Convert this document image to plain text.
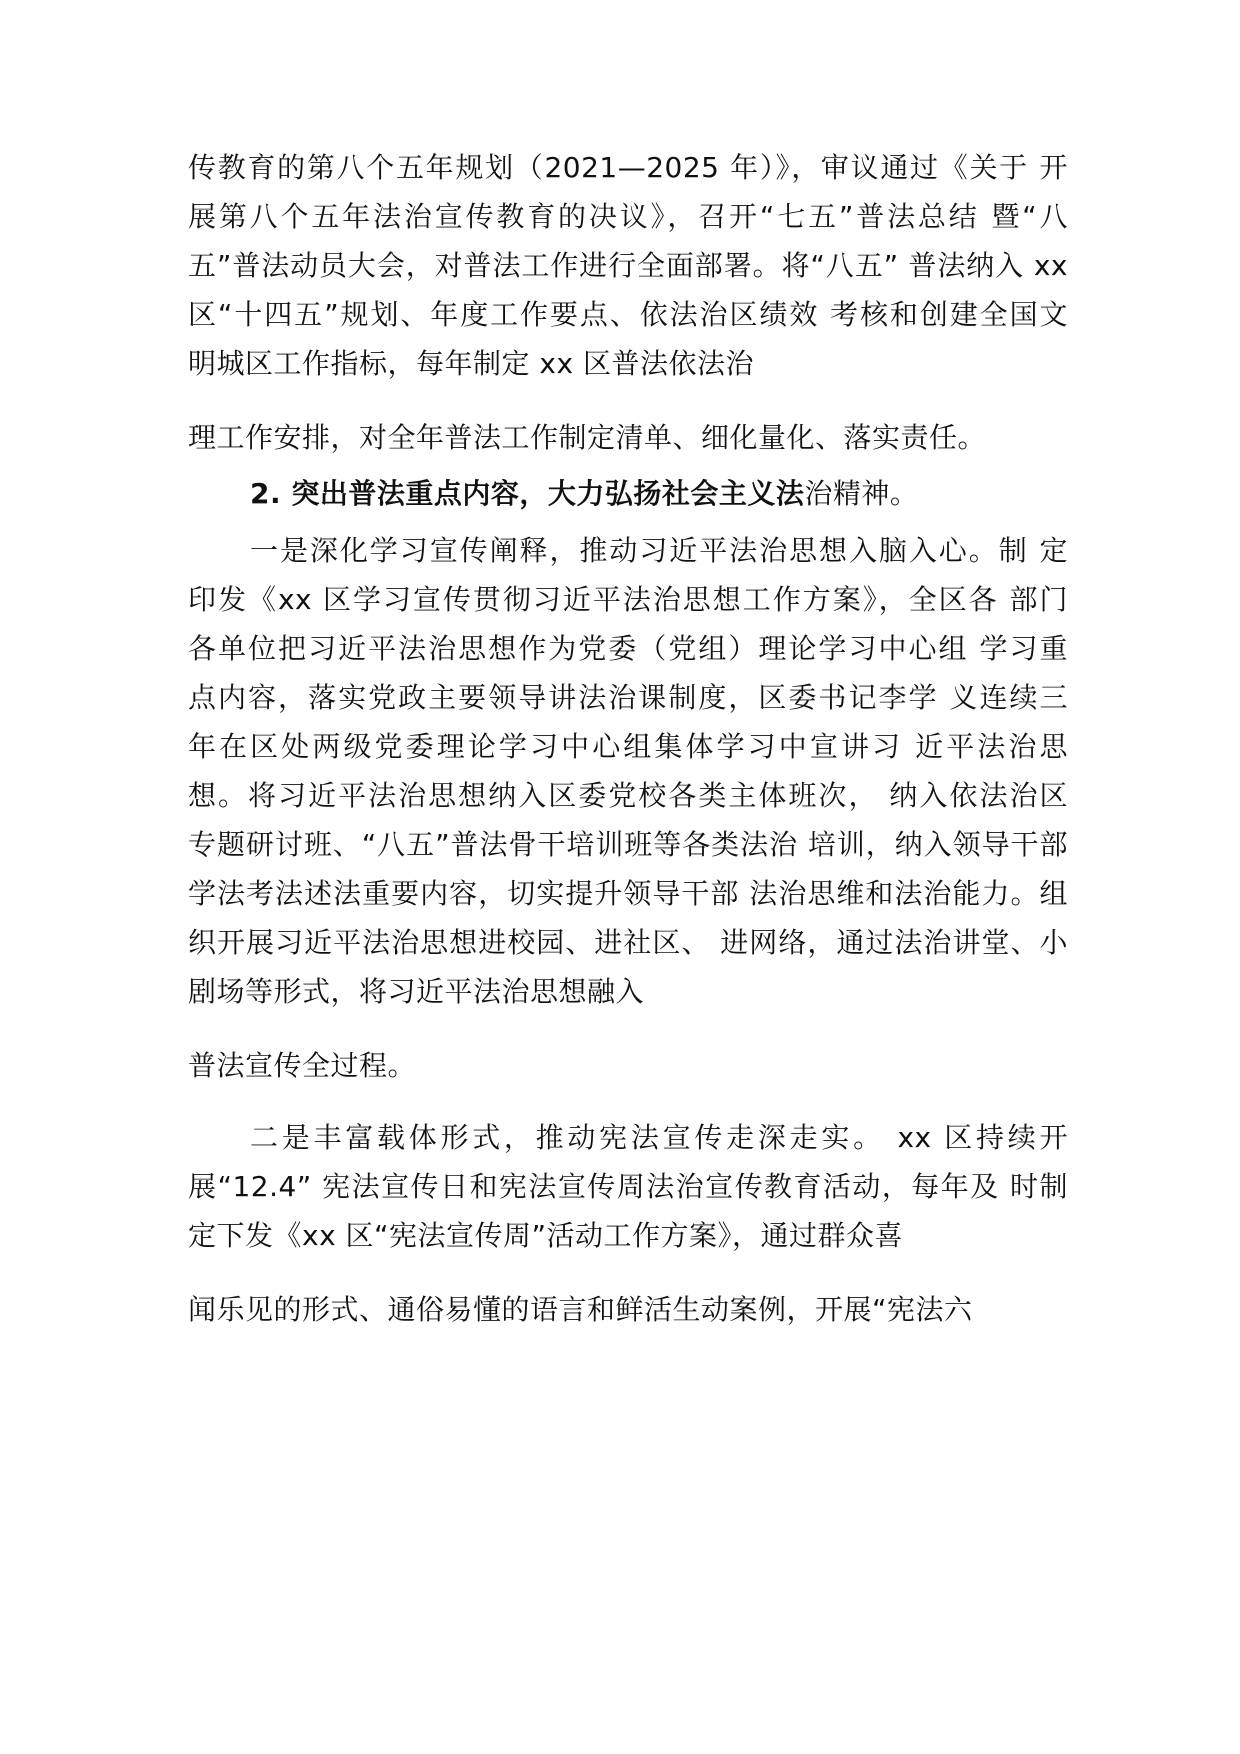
传教育的第八个五年规划（2021—2025 年）》，审议通过《关于 开
展第八个五年法治宣传教育的决议》，召开“七五”普法总结 暨“八
五”普法动员大会，对普法工作进行全面部署。将“八五” 普法纳入 xx
区“十四五”规划、年度工作要点、依法治区绩效 考核和创建全国文
明城区工作指标，每年制定 xx 区普法依法治
理工作安排，对全年普法工作制定清单、细化量化、落实责任。
2. 突出普法重点内容，大力弘扬社会主义法治精神。
一是深化学习宣传阐释，推动习近平法治思想入脑入心。制 定
印发《xx 区学习宣传贯彻习近平法治思想工作方案》，全区各 部门
各单位把习近平法治思想作为党委（党组）理论学习中心组 学习重
点内容，落实党政主要领导讲法治课制度，区委书记李学 义连续三
年在区处两级党委理论学习中心组集体学习中宣讲习 近平法治思
想。将习近平法治思想纳入区委党校各类主体班次， 纳入依法治区
专题研讨班、“八五”普法骨干培训班等各类法治 培训，纳入领导干部
学法考法述法重要内容，切实提升领导干部 法治思维和法治能力。组
织开展习近平法治思想进校园、进社区、 进网络，通过法治讲堂、小
剧场等形式，将习近平法治思想融入
普法宣传全过程。
二是丰富载体形式，推动宪法宣传走深走实。 xx 区持续开
展“12.4” 宪法宣传日和宪法宣传周法治宣传教育活动，每年及 时制
定下发《xx 区“宪法宣传周”活动工作方案》，通过群众喜
闻乐见的形式、通俗易懂的语言和鲜活生动案例，开展“宪法六
